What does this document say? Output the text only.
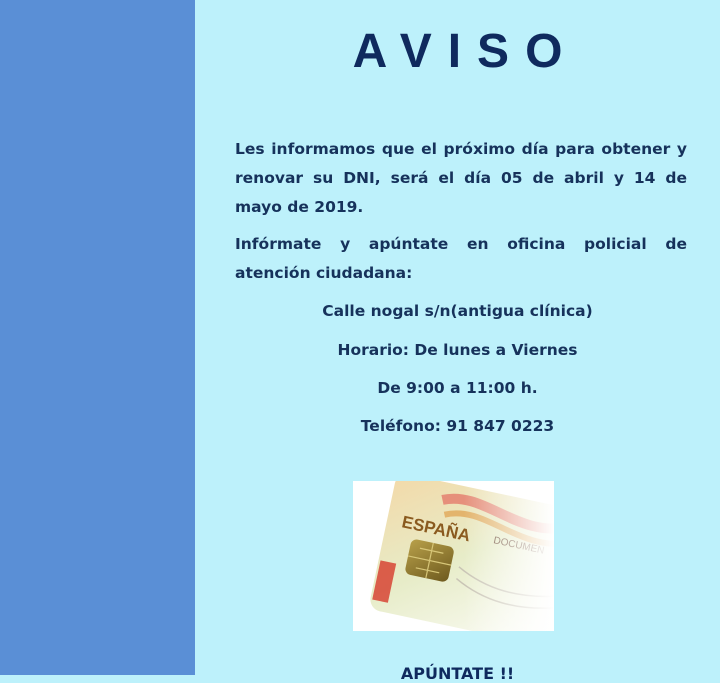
AVISO
Les informamos que el próximo día para obtener y renovar su DNI, será el día 05 de abril y 14 de mayo de 2019.
Infórmate y apúntate en oficina policial de atención ciudadana:
Calle nogal s/n(antigua clínica)
Horario: De lunes a Viernes
De 9:00 a 11:00 h.
Teléfono: 91 847 0223
APÚNTATE !!
